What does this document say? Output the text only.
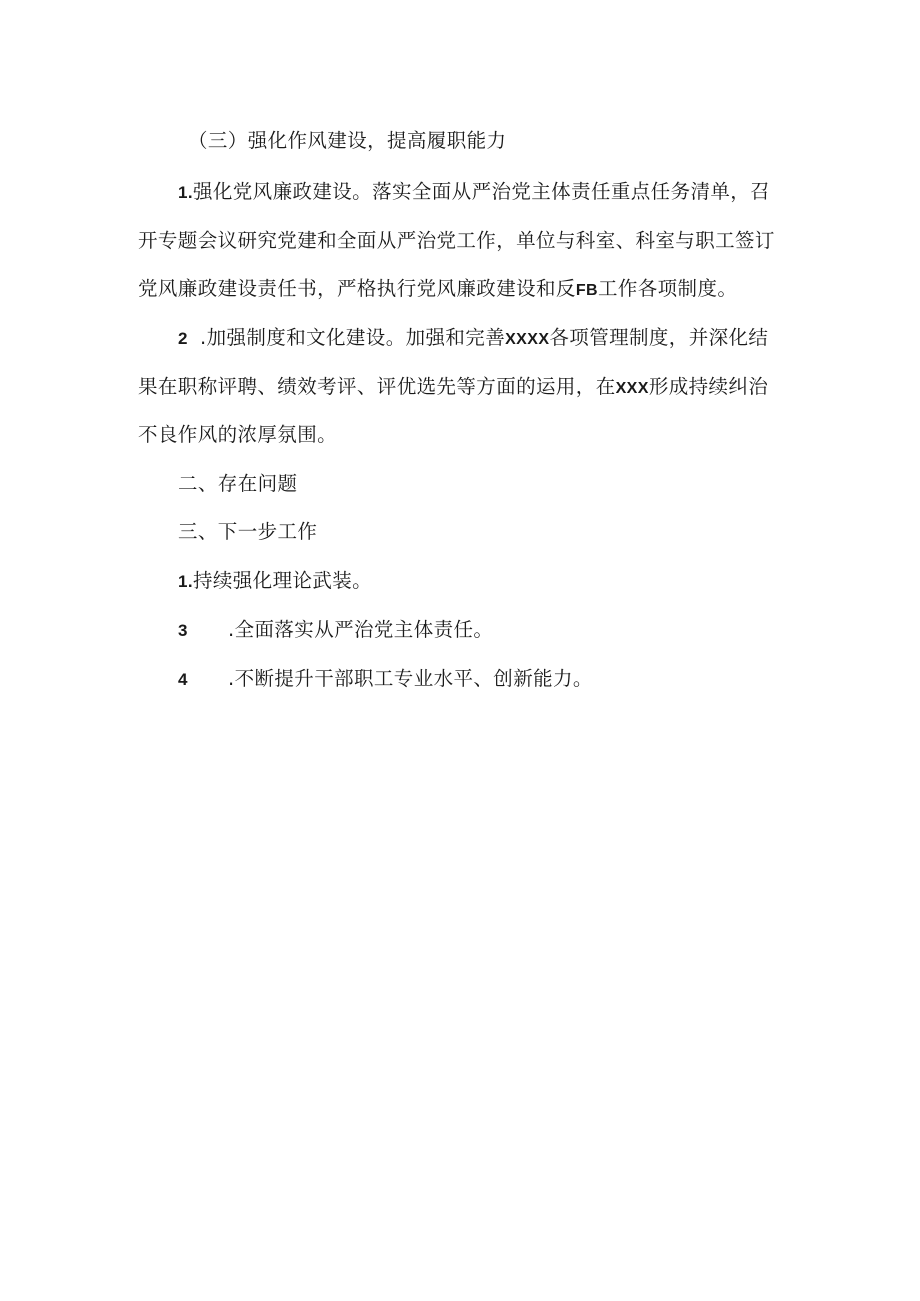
（三）强化作风建设，提高履职能力
1.强化党风廉政建设。落实全面从严治党主体责任重点任务清单，召
开专题会议研究党建和全面从严治党工作，单位与科室、科室与职工签订
党风廉政建设责任书，严格执行党风廉政建设和反FB工作各项制度。
2 .加强制度和文化建设。加强和完善XXXX各项管理制度，并深化结
果在职称评聘、绩效考评、评优选先等方面的运用，在XXX形成持续纠治
不良作风的浓厚氛围。
二、存在问题
三、下一步工作
1.持续强化理论武装。
3 .全面落实从严治党主体责任。
4 .不断提升干部职工专业水平、创新能力。
